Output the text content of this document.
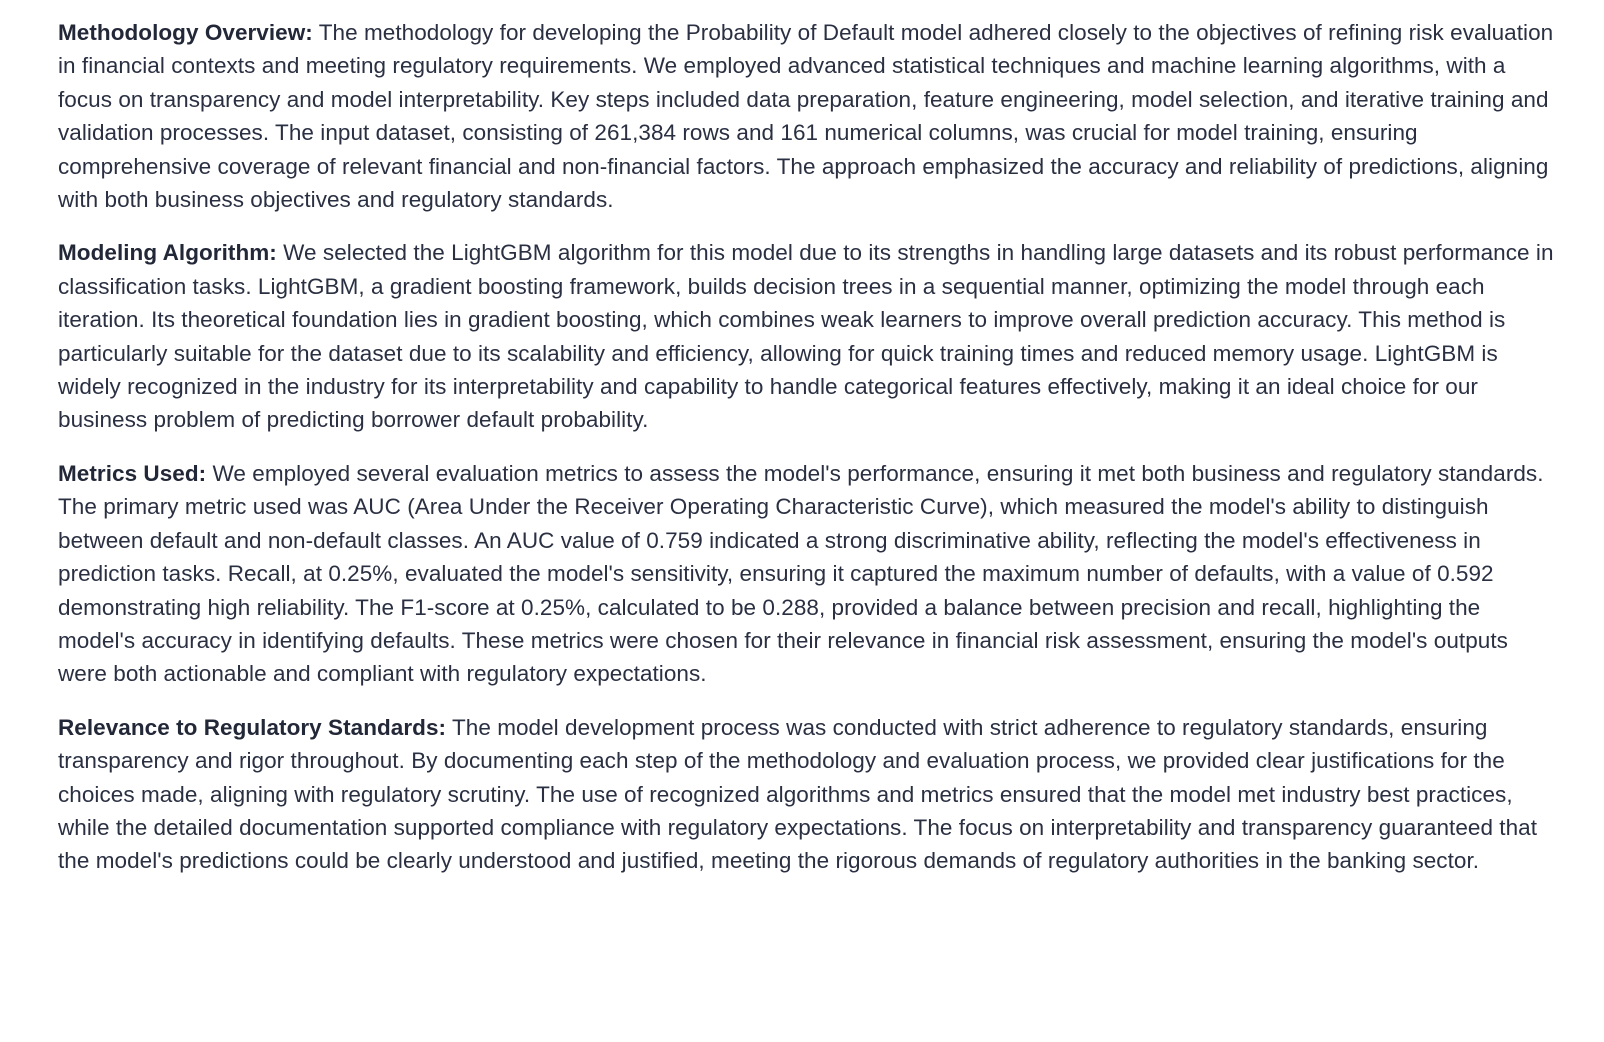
Methodology Overview: The methodology for developing the Probability of Default model adhered closely to the objectives of refining risk evaluation in financial contexts and meeting regulatory requirements. We employed advanced statistical techniques and machine learning algorithms, with a focus on transparency and model interpretability. Key steps included data preparation, feature engineering, model selection, and iterative training and validation processes. The input dataset, consisting of 261,384 rows and 161 numerical columns, was crucial for model training, ensuring comprehensive coverage of relevant financial and non-financial factors. The approach emphasized the accuracy and reliability of predictions, aligning with both business objectives and regulatory standards.

Modeling Algorithm: We selected the LightGBM algorithm for this model due to its strengths in handling large datasets and its robust performance in classification tasks. LightGBM, a gradient boosting framework, builds decision trees in a sequential manner, optimizing the model through each iteration. Its theoretical foundation lies in gradient boosting, which combines weak learners to improve overall prediction accuracy. This method is particularly suitable for the dataset due to its scalability and efficiency, allowing for quick training times and reduced memory usage. LightGBM is widely recognized in the industry for its interpretability and capability to handle categorical features effectively, making it an ideal choice for our business problem of predicting borrower default probability.

Metrics Used: We employed several evaluation metrics to assess the model's performance, ensuring it met both business and regulatory standards. The primary metric used was AUC (Area Under the Receiver Operating Characteristic Curve), which measured the model's ability to distinguish between default and non-default classes. An AUC value of 0.759 indicated a strong discriminative ability, reflecting the model's effectiveness in prediction tasks. Recall, at 0.25%, evaluated the model's sensitivity, ensuring it captured the maximum number of defaults, with a value of 0.592 demonstrating high reliability. The F1-score at 0.25%, calculated to be 0.288, provided a balance between precision and recall, highlighting the model's accuracy in identifying defaults. These metrics were chosen for their relevance in financial risk assessment, ensuring the model's outputs were both actionable and compliant with regulatory expectations.

Relevance to Regulatory Standards: The model development process was conducted with strict adherence to regulatory standards, ensuring transparency and rigor throughout. By documenting each step of the methodology and evaluation process, we provided clear justifications for the choices made, aligning with regulatory scrutiny. The use of recognized algorithms and metrics ensured that the model met industry best practices, while the detailed documentation supported compliance with regulatory expectations. The focus on interpretability and transparency guaranteed that the model's predictions could be clearly understood and justified, meeting the rigorous demands of regulatory authorities in the banking sector.
